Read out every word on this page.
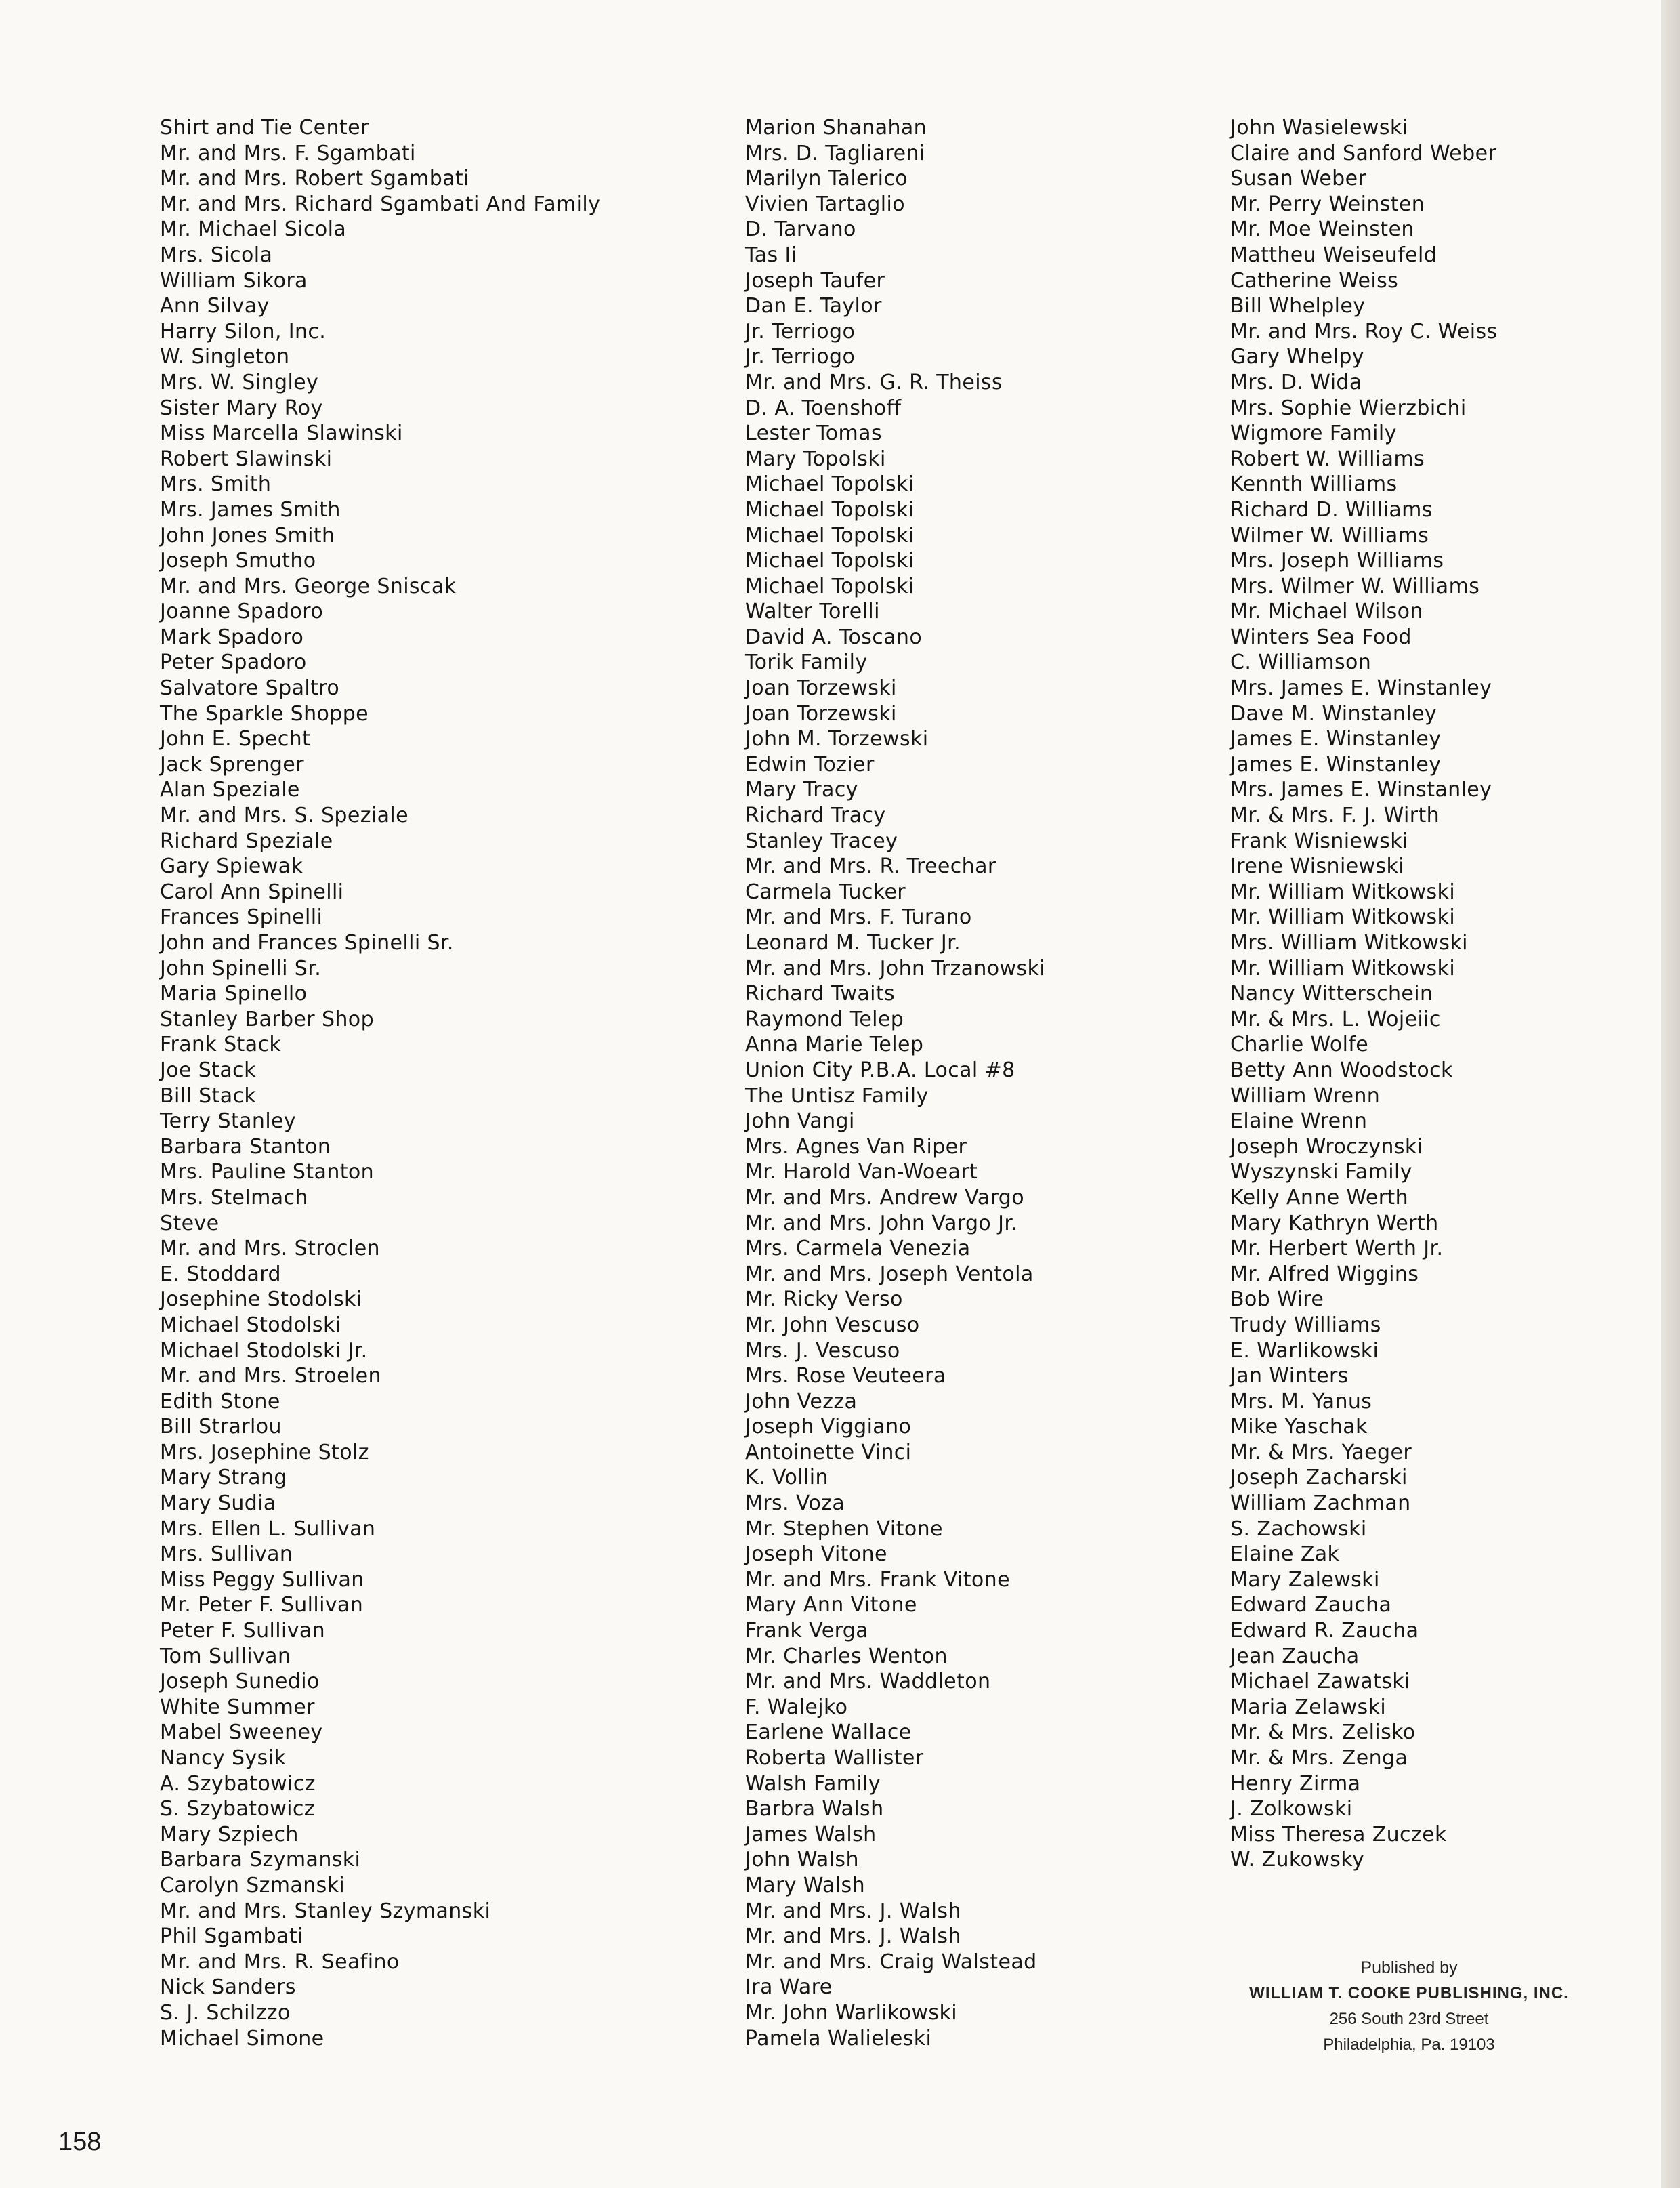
Shirt and Tie Center
Mr. and Mrs. F. Sgambati
Mr. and Mrs. Robert Sgambati
Mr. and Mrs. Richard Sgambati And Family
Mr. Michael Sicola
Mrs. Sicola
William Sikora
Ann Silvay
Harry Silon, Inc.
W. Singleton
Mrs. W. Singley
Sister Mary Roy
Miss Marcella Slawinski
Robert Slawinski
Mrs. Smith
Mrs. James Smith
John Jones Smith
Joseph Smutho
Mr. and Mrs. George Sniscak
Joanne Spadoro
Mark Spadoro
Peter Spadoro
Salvatore Spaltro
The Sparkle Shoppe
John E. Specht
Jack Sprenger
Alan Speziale
Mr. and Mrs. S. Speziale
Richard Speziale
Gary Spiewak
Carol Ann Spinelli
Frances Spinelli
John and Frances Spinelli Sr.
John Spinelli Sr.
Maria Spinello
Stanley Barber Shop
Frank Stack
Joe Stack
Bill Stack
Terry Stanley
Barbara Stanton
Mrs. Pauline Stanton
Mrs. Stelmach
Steve
Mr. and Mrs. Stroclen
E. Stoddard
Josephine Stodolski
Michael Stodolski
Michael Stodolski Jr.
Mr. and Mrs. Stroelen
Edith Stone
Bill Strarlou
Mrs. Josephine Stolz
Mary Strang
Mary Sudia
Mrs. Ellen L. Sullivan
Mrs. Sullivan
Miss Peggy Sullivan
Mr. Peter F. Sullivan
Peter F. Sullivan
Tom Sullivan
Joseph Sunedio
White Summer
Mabel Sweeney
Nancy Sysik
A. Szybatowicz
S. Szybatowicz
Mary Szpiech
Barbara Szymanski
Carolyn Szmanski
Mr. and Mrs. Stanley Szymanski
Phil Sgambati
Mr. and Mrs. R. Seafino
Nick Sanders
S. J. Schilzzo
Michael Simone
Marion Shanahan
Mrs. D. Tagliareni
Marilyn Talerico
Vivien Tartaglio
D. Tarvano
Tas Ii
Joseph Taufer
Dan E. Taylor
Jr. Terriogo
Jr. Terriogo
Mr. and Mrs. G. R. Theiss
D. A. Toenshoff
Lester Tomas
Mary Topolski
Michael Topolski
Michael Topolski
Michael Topolski
Michael Topolski
Michael Topolski
Walter Torelli
David A. Toscano
Torik Family
Joan Torzewski
Joan Torzewski
John M. Torzewski
Edwin Tozier
Mary Tracy
Richard Tracy
Stanley Tracey
Mr. and Mrs. R. Treechar
Carmela Tucker
Mr. and Mrs. F. Turano
Leonard M. Tucker Jr.
Mr. and Mrs. John Trzanowski
Richard Twaits
Raymond Telep
Anna Marie Telep
Union City P.B.A. Local #8
The Untisz Family
John Vangi
Mrs. Agnes Van Riper
Mr. Harold Van-Woeart
Mr. and Mrs. Andrew Vargo
Mr. and Mrs. John Vargo Jr.
Mrs. Carmela Venezia
Mr. and Mrs. Joseph Ventola
Mr. Ricky Verso
Mr. John Vescuso
Mrs. J. Vescuso
Mrs. Rose Veuteera
John Vezza
Joseph Viggiano
Antoinette Vinci
K. Vollin
Mrs. Voza
Mr. Stephen Vitone
Joseph Vitone
Mr. and Mrs. Frank Vitone
Mary Ann Vitone
Frank Verga
Mr. Charles Wenton
Mr. and Mrs. Waddleton
F. Walejko
Earlene Wallace
Roberta Wallister
Walsh Family
Barbra Walsh
James Walsh
John Walsh
Mary Walsh
Mr. and Mrs. J. Walsh
Mr. and Mrs. J. Walsh
Mr. and Mrs. Craig Walstead
Ira Ware
Mr. John Warlikowski
Pamela Walieleski
John Wasielewski
Claire and Sanford Weber
Susan Weber
Mr. Perry Weinsten
Mr. Moe Weinsten
Mattheu Weiseufeld
Catherine Weiss
Bill Whelpley
Mr. and Mrs. Roy C. Weiss
Gary Whelpy
Mrs. D. Wida
Mrs. Sophie Wierzbichi
Wigmore Family
Robert W. Williams
Kennth Williams
Richard D. Williams
Wilmer W. Williams
Mrs. Joseph Williams
Mrs. Wilmer W. Williams
Mr. Michael Wilson
Winters Sea Food
C. Williamson
Mrs. James E. Winstanley
Dave M. Winstanley
James E. Winstanley
James E. Winstanley
Mrs. James E. Winstanley
Mr. & Mrs. F. J. Wirth
Frank Wisniewski
Irene Wisniewski
Mr. William Witkowski
Mr. William Witkowski
Mrs. William Witkowski
Mr. William Witkowski
Nancy Witterschein
Mr. & Mrs. L. Wojeiic
Charlie Wolfe
Betty Ann Woodstock
William Wrenn
Elaine Wrenn
Joseph Wroczynski
Wyszynski Family
Kelly Anne Werth
Mary Kathryn Werth
Mr. Herbert Werth Jr.
Mr. Alfred Wiggins
Bob Wire
Trudy Williams
E. Warlikowski
Jan Winters
Mrs. M. Yanus
Mike Yaschak
Mr. & Mrs. Yaeger
Joseph Zacharski
William Zachman
S. Zachowski
Elaine Zak
Mary Zalewski
Edward Zaucha
Edward R. Zaucha
Jean Zaucha
Michael Zawatski
Maria Zelawski
Mr. & Mrs. Zelisko
Mr. & Mrs. Zenga
Henry Zirma
J. Zolkowski
Miss Theresa Zuczek
W. Zukowsky
Published by
WILLIAM T. COOKE PUBLISHING, INC.
256 South 23rd Street
Philadelphia, Pa. 19103
158
